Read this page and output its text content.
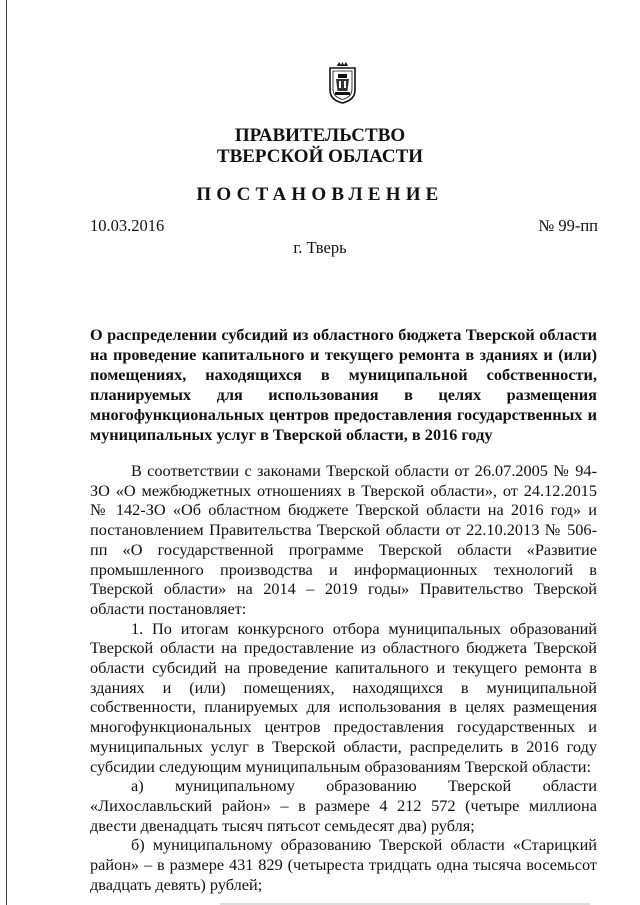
ПРАВИТЕЛЬСТВО
ТВЕРСКОЙ ОБЛАСТИ
ПОСТАНОВЛЕНИЕ
10.03.2016	№ 99-пп
г. Тверь
О распределении субсидий из областного бюджета Тверской области на проведение капитального и текущего ремонта в зданиях и (или) помещениях, находящихся в муниципальной собственности, планируемых для использования в целях размещения многофункциональных центров предоставления государственных и муниципальных услуг в Тверской области, в 2016 году

В соответствии с законами Тверской области от 26.07.2005 № 94-ЗО «О межбюджетных отношениях в Тверской области», от 24.12.2015 № 142-ЗО «Об областном бюджете Тверской области на 2016 год» и постановлением Правительства Тверской области от 22.10.2013 № 506-пп «О государственной программе Тверской области «Развитие промышленного производства и информационных технологий в Тверской области» на 2014 – 2019 годы» Правительство Тверской области постановляет:

1. По итогам конкурсного отбора муниципальных образований Тверской области на предоставление из областного бюджета Тверской области субсидий на проведение капитального и текущего ремонта в зданиях и (или) помещениях, находящихся в муниципальной собственности, планируемых для использования в целях размещения многофункциональных центров предоставления государственных и муниципальных услуг в Тверской области, распределить в 2016 году субсидии следующим муниципальным образованиям Тверской области:

а) муниципальному образованию Тверской области «Лихославльский район» – в размере 4 212 572 (четыре миллиона двести двенадцать тысяч пятьсот семьдесят два) рубля;

б) муниципальному образованию Тверской области «Старицкий район» – в размере 431 829 (четыреста тридцать одна тысяча восемьсот двадцать девять) рублей;
